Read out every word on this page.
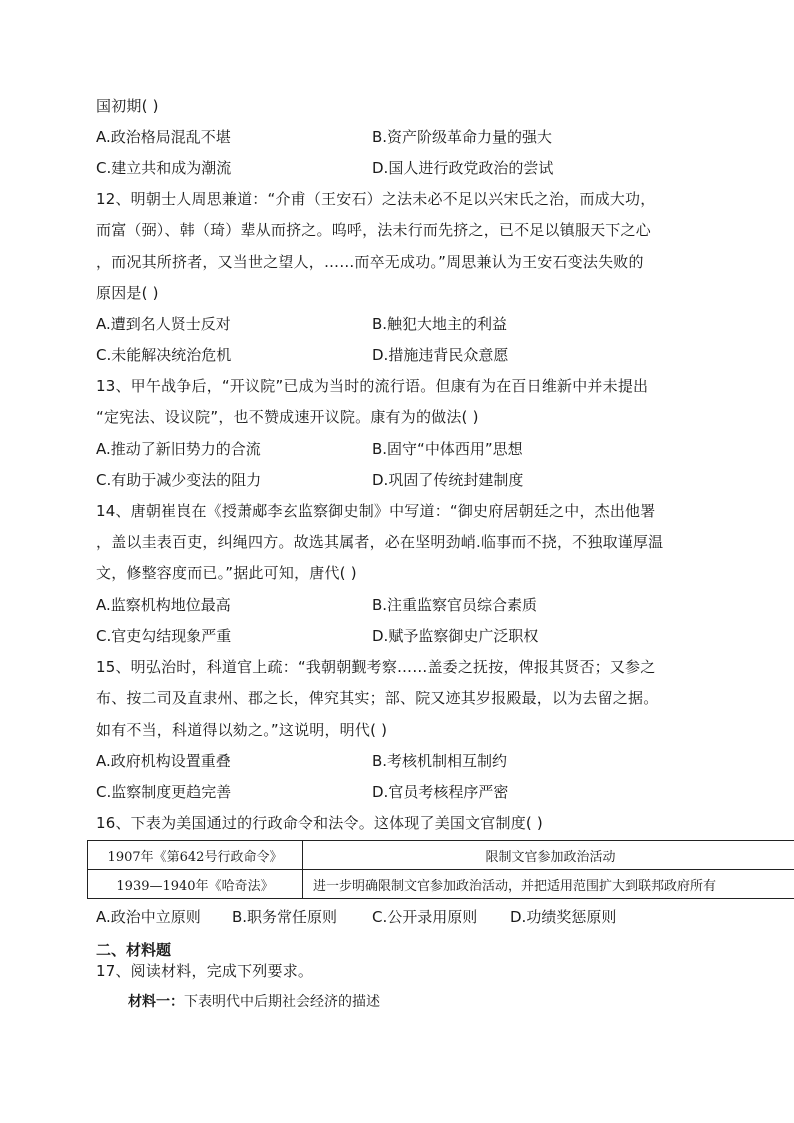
国初期( )
A.政治格局混乱不堪	B.资产阶级革命力量的强大
C.建立共和成为潮流	D.国人进行政党政治的尝试
12、明朝士人周思兼道：“介甫（王安石）之法未必不足以兴宋氏之治，而成大功，
而富（弼）、韩（琦）辈从而挤之。呜呼，法未行而先挤之，已不足以镇服天下之心
，而况其所挤者，又当世之望人，……而卒无成功。”周思兼认为王安石变法失败的
原因是( )
A.遭到名人贤士反对	B.触犯大地主的利益
C.未能解决统治危机	D.措施违背民众意愿
13、甲午战争后，“开议院”已成为当时的流行语。但康有为在百日维新中并未提出
“定宪法、设议院”，也不赞成速开议院。康有为的做法( )
A.推动了新旧势力的合流	B.固守“中体西用”思想
C.有助于减少变法的阻力	D.巩固了传统封建制度
14、唐朝崔峎在《授萧郕李玄监察御史制》中写道：“御史府居朝廷之中，杰出他署
，盖以圭表百吏，纠绳四方。故选其属者，必在坚明劲峭.临事而不挠，不独取谨厚温
文，修整容度而已。”据此可知，唐代( )
A.监察机构地位最高	B.注重监察官员综合素质
C.官吏勾结现象严重	D.赋予监察御史广泛职权
15、明弘治时，科道官上疏：“我朝朝觐考察……盖委之抚按，俾报其贤否；又参之
布、按二司及直隶州、郡之长，俾究其实；部、院又迹其岁报殿最，以为去留之据。
如有不当，科道得以劾之。”这说明，明代( )
A.政府机构设置重叠	B.考核机制相互制约
C.监察制度更趋完善	D.官员考核程序严密
16、下表为美国通过的行政命令和法令。这体现了美国文官制度( )
1907年《第642号行政命令》	限制文官参加政治活动
1939—1940年《哈奇法》	进一步明确限制文官参加政治活动，并把适用范围扩大到联邦政府所有
A.政治中立原则 B.职务常任原则 C.公开录用原则 D.功绩奖惩原则
二、材料题
17、阅读材料，完成下列要求。
材料一：下表明代中后期社会经济的描述
